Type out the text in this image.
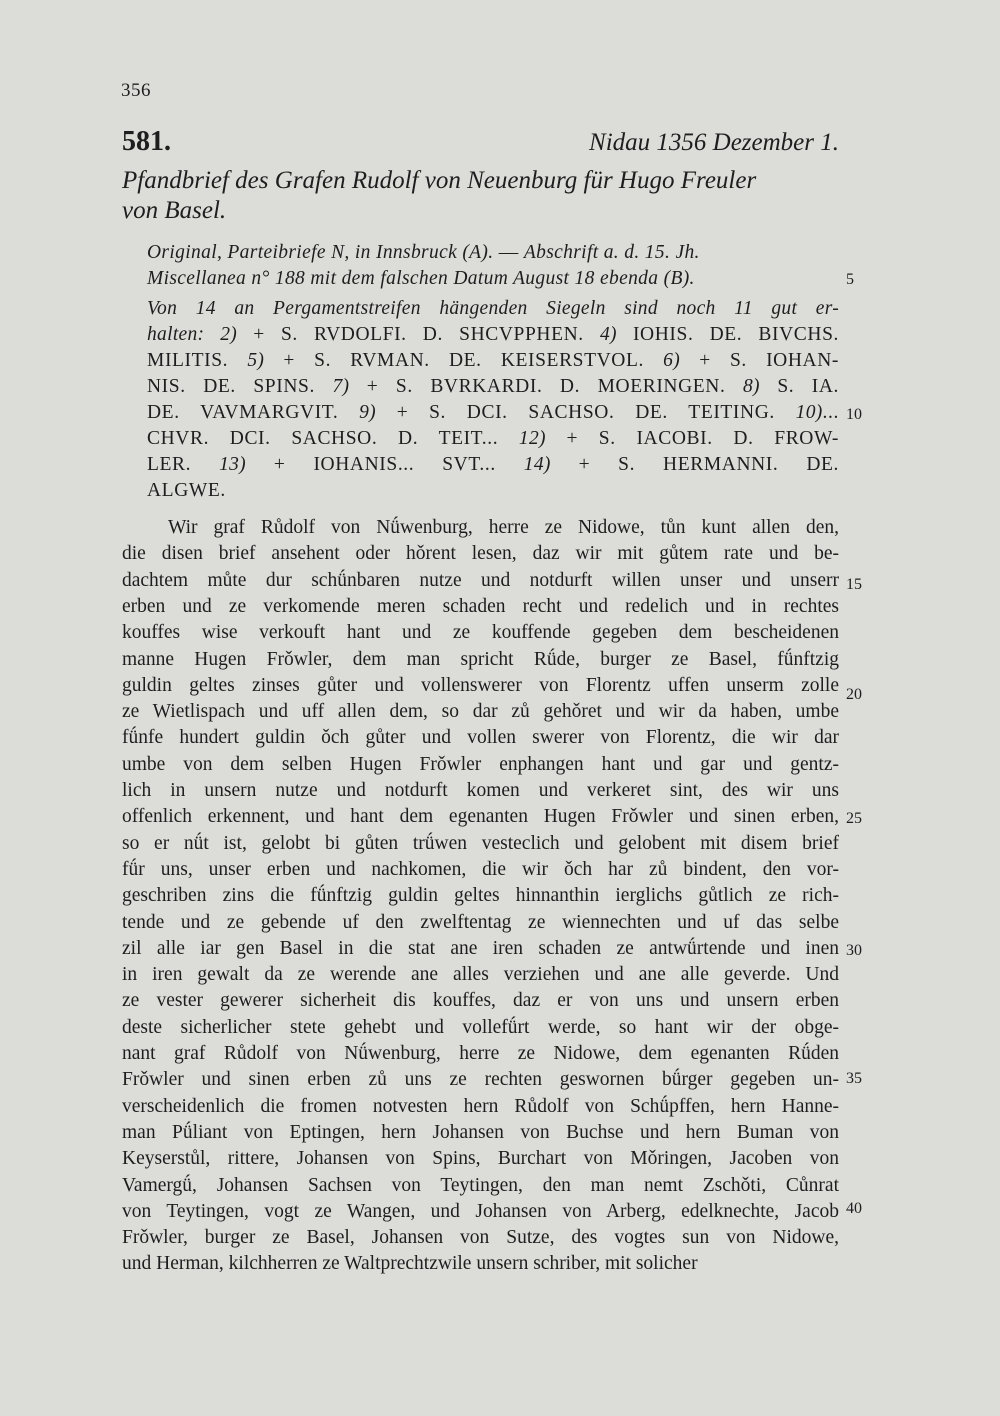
356
581.	Nidau 1356 Dezember 1.
Pfandbrief des Grafen Rudolf von Neuenburg für Hugo Freuler
von Basel.
Original, Parteibriefe N, in Innsbruck (A). — Abschrift a. d. 15. Jh.
Miscellanea n° 188 mit dem falschen Datum August 18 ebenda (B).
Von 14 an Pergamentstreifen hängenden Siegeln sind noch 11 gut er-
halten: 2) + S. RVDOLFI. D. SHCVPPHEN. 4) IOHIS. DE. BIVCHS.
MILITIS. 5) + S. RVMAN. DE. KEISERSTVOL. 6) + S. IOHAN-
NIS. DE. SPINS. 7) + S. BVRKARDI. D. MOERINGEN. 8) S. IA.
DE. VAVMARGVIT. 9) + S. DCI. SACHSO. DE. TEITING. 10)...
CHVR. DCI. SACHSO. D. TEIT... 12) + S. IACOBI. D. FROW-
LER. 13) + IOHANIS... SVT... 14) + S. HERMANNI. DE.
ALGWE.
Wir graf Růdolf von Nǘwenburg, herre ze Nidowe, tůn kunt allen den,
die disen brief ansehent oder hǒrent lesen, daz wir mit gůtem rate und be-
dachtem můte dur schǘnbaren nutze und notdurft willen unser und unserr
erben und ze verkomende meren schaden recht und redelich und in rechtes
kouffes wise verkouft hant und ze kouffende gegeben dem bescheidenen
manne Hugen Frǒwler, dem man spricht Rǘde, burger ze Basel, fǘnftzig
guldin geltes zinses gůter und vollenswerer von Florentz uffen unserm zolle
ze Wietlispach und uff allen dem, so dar zů gehǒret und wir da haben, umbe
fǘnfe hundert guldin ǒch gůter und vollen swerer von Florentz, die wir dar
umbe von dem selben Hugen Frǒwler enphangen hant und gar und gentz-
lich in unsern nutze und notdurft komen und verkeret sint, des wir uns
offenlich erkennent, und hant dem egenanten Hugen Frǒwler und sinen erben,
so er nǘt ist, gelobt bi gůten trǘwen vesteclich und gelobent mit disem brief
fǘr uns, unser erben und nachkomen, die wir ǒch har zů bindent, den vor-
geschriben zins die fǘnftzig guldin geltes hinnanthin ierglichs gůtlich ze rich-
tende und ze gebende uf den zwelftentag ze wiennechten und uf das selbe
zil alle iar gen Basel in die stat ane iren schaden ze antwǘrtende und inen
in iren gewalt da ze werende ane alles verziehen und ane alle geverde. Und
ze vester gewerer sicherheit dis kouffes, daz er von uns und unsern erben
deste sicherlicher stete gehebt und vollefǘrt werde, so hant wir der obge-
nant graf Růdolf von Nǘwenburg, herre ze Nidowe, dem egenanten Rǘden
Frǒwler und sinen erben zů uns ze rechten geswornen bǘrger gegeben un-
verscheidenlich die fromen notvesten hern Růdolf von Schǘpffen, hern Hanne-
man Pǘliant von Eptingen, hern Johansen von Buchse und hern Buman von
Keyserstůl, rittere, Johansen von Spins, Burchart von Mǒringen, Jacoben von
Vamergǘ, Johansen Sachsen von Teytingen, den man nemt Zschǒti, Cůnrat
von Teytingen, vogt ze Wangen, und Johansen von Arberg, edelknechte, Jacob
Frǒwler, burger ze Basel, Johansen von Sutze, des vogtes sun von Nidowe,
und Herman, kilchherren ze Waltprechtzwile unsern schriber, mit solicher
5
10
15
20
25
30
35
40
